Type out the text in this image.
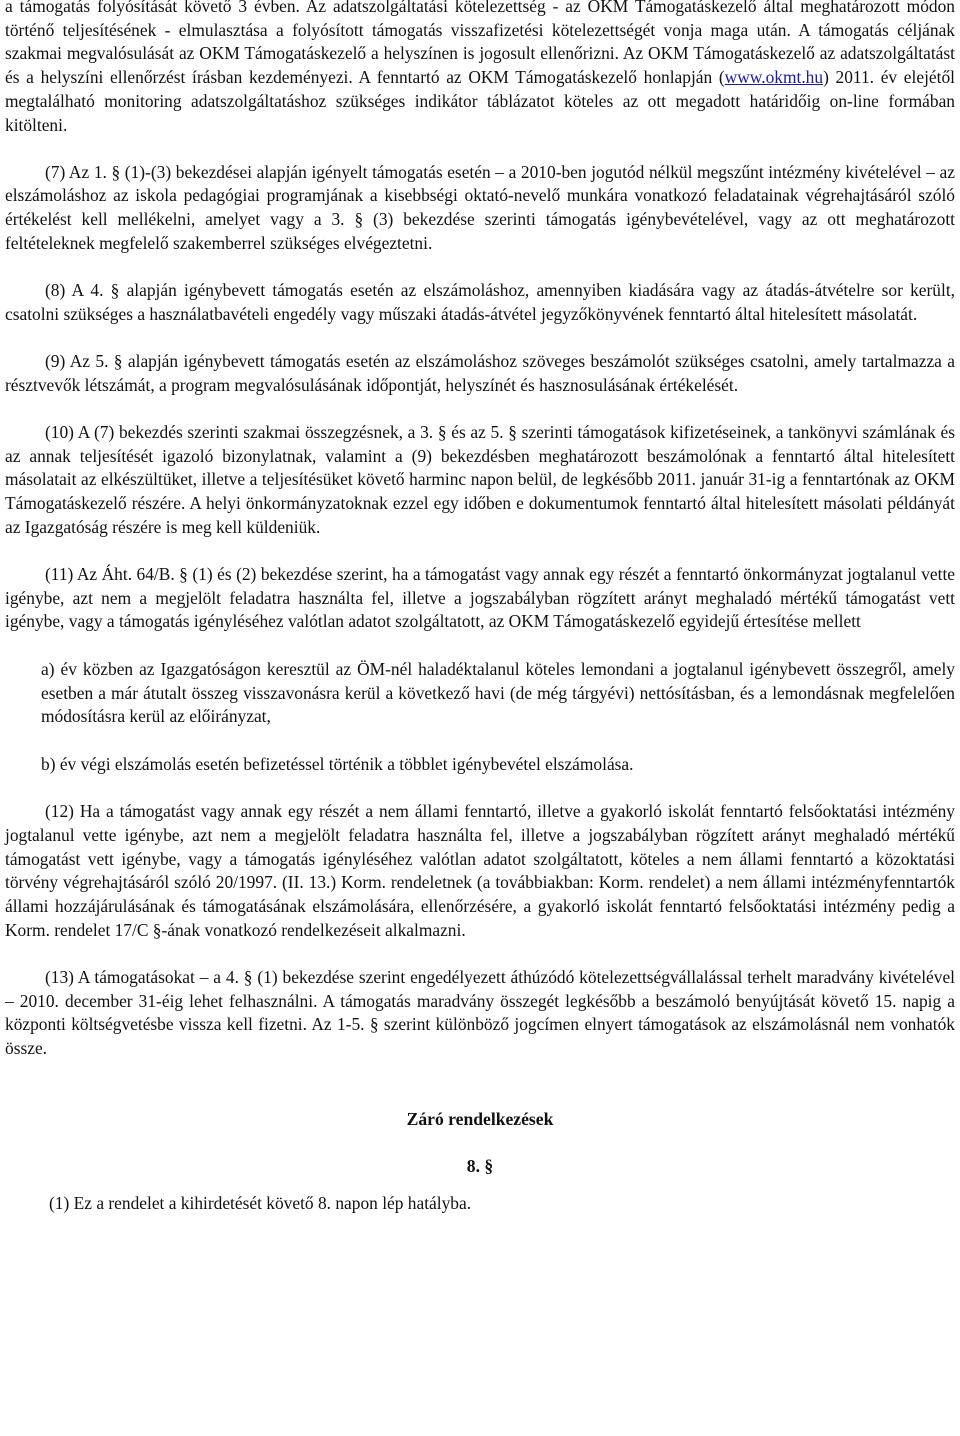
a támogatás folyósítását követő 3 évben. Az adatszolgáltatási kötelezettség - az OKM Támogatáskezelő által meghatározott módon történő teljesítésének - elmulasztása a folyósított támogatás visszafizetési kötelezettségét vonja maga után. A támogatás céljának szakmai megvalósulását az OKM Támogatáskezelő a helyszínen is jogosult ellenőrizni. Az OKM Támogatáskezelő az adatszolgáltatást és a helyszíni ellenőrzést írásban kezdeményezi. A fenntartó az OKM Támogatáskezelő honlapján (www.okmt.hu) 2011. év elejétől megtalálható monitoring adatszolgáltatáshoz szükséges indikátor táblázatot köteles az ott megadott határidőig on-line formában kitölteni.

(7) Az 1. § (1)-(3) bekezdései alapján igényelt támogatás esetén – a 2010-ben jogutód nélkül megszűnt intézmény kivételével – az elszámoláshoz az iskola pedagógiai programjának a kisebbségi oktató-nevelő munkára vonatkozó feladatainak végrehajtásáról szóló értékelést kell mellékelni, amelyet vagy a 3. § (3) bekezdése szerinti támogatás igénybevételével, vagy az ott meghatározott feltételeknek megfelelő szakemberrel szükséges elvégeztetni.

(8) A 4. § alapján igénybevett támogatás esetén az elszámoláshoz, amennyiben kiadására vagy az átadás-átvételre sor került, csatolni szükséges a használatbavételi engedély vagy műszaki átadás-átvétel jegyzőkönyvének fenntartó által hitelesített másolatát.

(9) Az 5. § alapján igénybevett támogatás esetén az elszámoláshoz szöveges beszámolót szükséges csatolni, amely tartalmazza a résztvevők létszámát, a program megvalósulásának időpontját, helyszínét és hasznosulásának értékelését.

(10) A (7) bekezdés szerinti szakmai összegzésnek, a 3. § és az 5. § szerinti támogatások kifizetéseinek, a tankönyvi számlának és az annak teljesítését igazoló bizonylatnak, valamint a (9) bekezdésben meghatározott beszámolónak a fenntartó által hitelesített másolatait az elkészültüket, illetve a teljesítésüket követő harminc napon belül, de legkésőbb 2011. január 31-ig a fenntartónak az OKM Támogatáskezelő részére. A helyi önkormányzatoknak ezzel egy időben e dokumentumok fenntartó által hitelesített másolati példányát az Igazgatóság részére is meg kell küldeniük.

(11) Az Áht. 64/B. § (1) és (2) bekezdése szerint, ha a támogatást vagy annak egy részét a fenntartó önkormányzat jogtalanul vette igénybe, azt nem a megjelölt feladatra használta fel, illetve a jogszabályban rögzített arányt meghaladó mértékű támogatást vett igénybe, vagy a támogatás igényléséhez valótlan adatot szolgáltatott, az OKM Támogatáskezelő egyidejű értesítése mellett

a) év közben az Igazgatóságon keresztül az ÖM-nél haladéktalanul köteles lemondani a jogtalanul igénybevett összegről, amely esetben a már átutalt összeg visszavonásra kerül a következő havi (de még tárgyévi) nettósításban, és a lemondásnak megfelelően módosításra kerül az előirányzat,

b) év végi elszámolás esetén befizetéssel történik a többlet igénybevétel elszámolása.

(12) Ha a támogatást vagy annak egy részét a nem állami fenntartó, illetve a gyakorló iskolát fenntartó felsőoktatási intézmény jogtalanul vette igénybe, azt nem a megjelölt feladatra használta fel, illetve a jogszabályban rögzített arányt meghaladó mértékű támogatást vett igénybe, vagy a támogatás igényléséhez valótlan adatot szolgáltatott, köteles a nem állami fenntartó a közoktatási törvény végrehajtásáról szóló 20/1997. (II. 13.) Korm. rendeletnek (a továbbiakban: Korm. rendelet) a nem állami intézményfenntartók állami hozzájárulásának és támogatásának elszámolására, ellenőrzésére, a gyakorló iskolát fenntartó felsőoktatási intézmény pedig a Korm. rendelet 17/C §-ának vonatkozó rendelkezéseit alkalmazni.

(13) A támogatásokat – a 4. § (1) bekezdése szerint engedélyezett áthúzódó kötelezettségvállalással terhelt maradvány kivételével – 2010. december 31-éig lehet felhasználni. A támogatás maradvány összegét legkésőbb a beszámoló benyújtását követő 15. napig a központi költségvetésbe vissza kell fizetni. Az 1-5. § szerint különböző jogcímen elnyert támogatások az elszámolásnál nem vonhatók össze.

Záró rendelkezések

8. §

(1) Ez a rendelet a kihirdetését követő 8. napon lép hatályba.
